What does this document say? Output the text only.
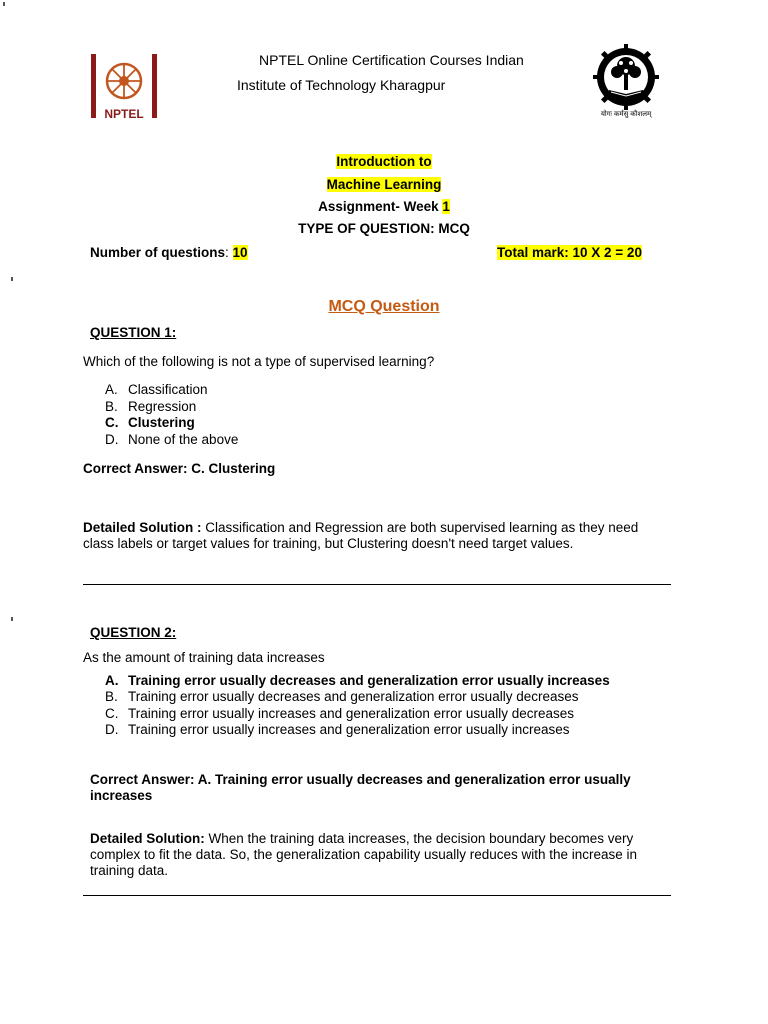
NPTEL
NPTEL Online Certification Courses Indian
Institute of Technology Kharagpur
योगः कर्मसु कौशलम्
Introduction to
Machine Learning
Assignment- Week 1
TYPE OF QUESTION: MCQ
Number of questions: 10	Total mark: 10 X 2 = 20
MCQ Question
QUESTION 1:
Which of the following is not a type of supervised learning?
A. Classification
B. Regression
C. Clustering
D. None of the above
Correct Answer: C. Clustering
Detailed Solution : Classification and Regression are both supervised learning as they need
class labels or target values for training, but Clustering doesn't need target values.
QUESTION 2:
As the amount of training data increases
A. Training error usually decreases and generalization error usually increases
B. Training error usually decreases and generalization error usually decreases
C. Training error usually increases and generalization error usually decreases
D. Training error usually increases and generalization error usually increases
Correct Answer: A. Training error usually decreases and generalization error usually
increases
Detailed Solution: When the training data increases, the decision boundary becomes very
complex to fit the data. So, the generalization capability usually reduces with the increase in
training data.
